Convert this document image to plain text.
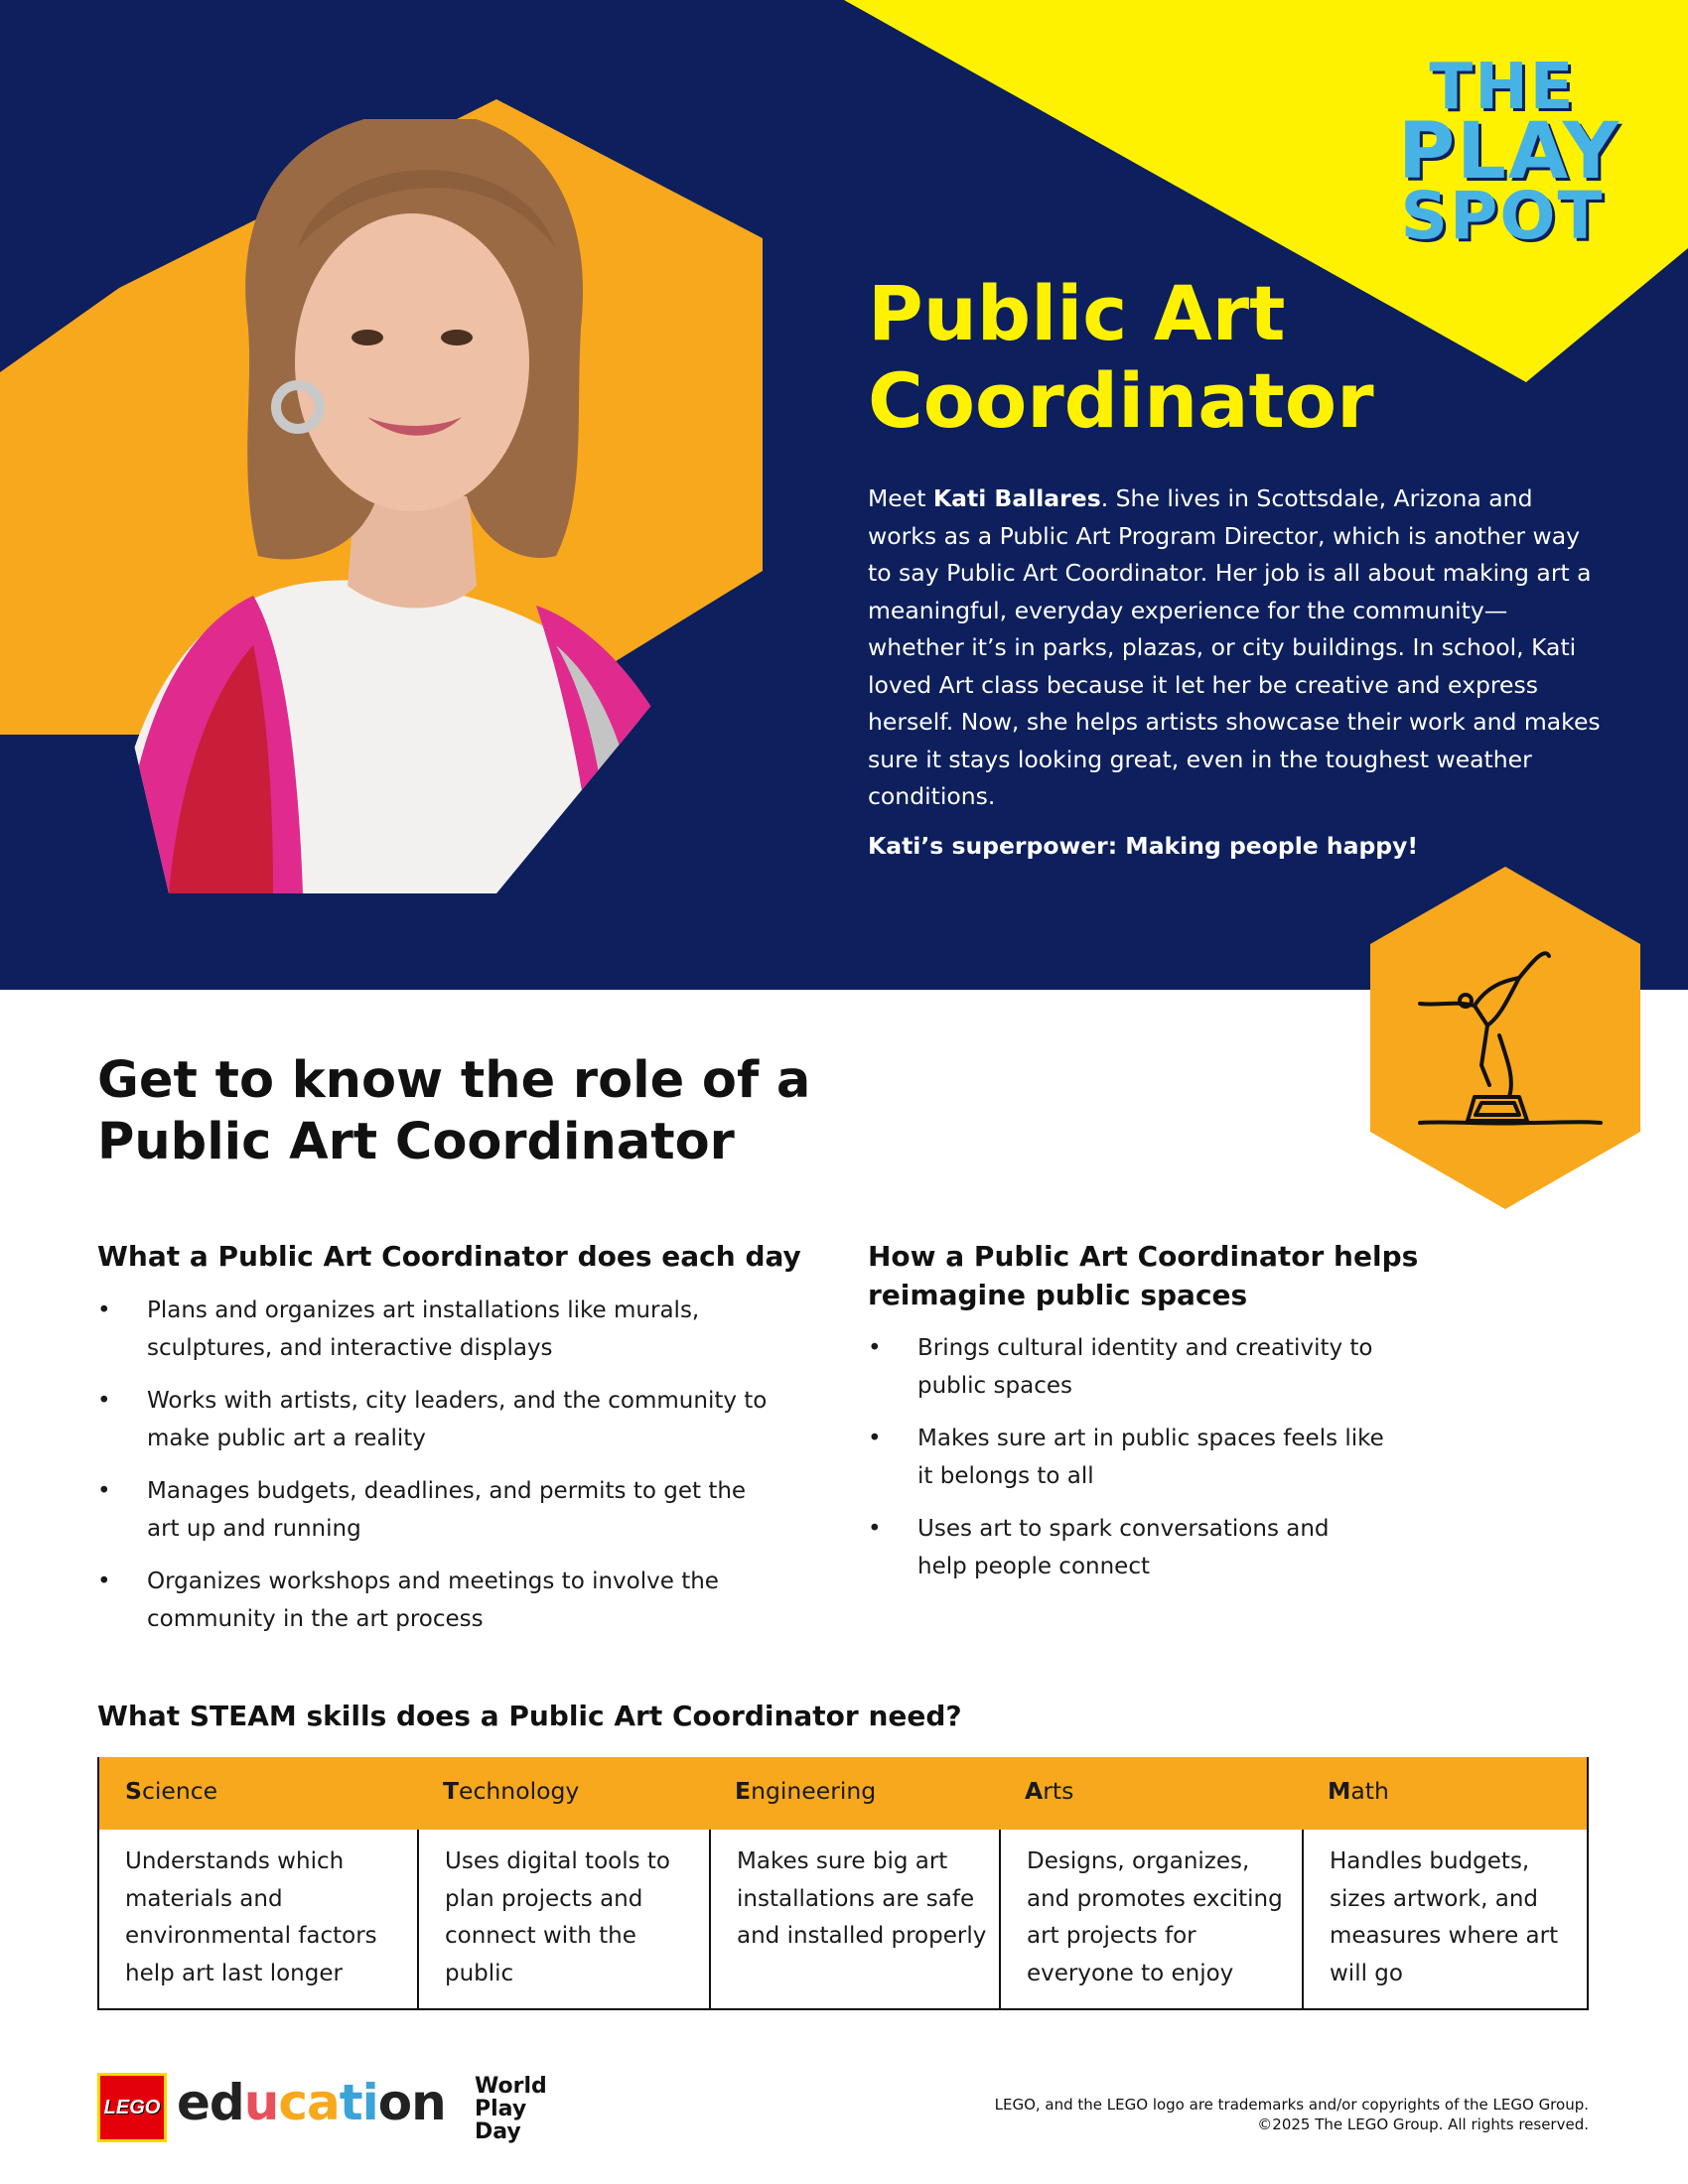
THE
PLAY
SPOT
Public Art
Coordinator

Meet Kati Ballares. She lives in Scottsdale, Arizona and works as a Public Art Program Director, which is another way to say Public Art Coordinator. Her job is all about making art a meaningful, everyday experience for the community—whether it’s in parks, plazas, or city buildings. In school, Kati loved Art class because it let her be creative and express herself. Now, she helps artists showcase their work and makes sure it stays looking great, even in the toughest weather conditions.

Kati’s superpower: Making people happy!

Get to know the role of a
Public Art Coordinator
What a Public Art Coordinator does each day
• Plans and organizes art installations like murals, sculptures, and interactive displays
• Works with artists, city leaders, and the community to make public art a reality
• Manages budgets, deadlines, and permits to get the art up and running
• Organizes workshops and meetings to involve the community in the art process
How a Public Art Coordinator helps reimagine public spaces
• Brings cultural identity and creativity to public spaces
• Makes sure art in public spaces feels like it belongs to all
• Uses art to spark conversations and help people connect
What STEAM skills does a Public Art Coordinator need?
Science
Understands which materials and environmental factors help art last longer
Technology
Uses digital tools to plan projects and connect with the public
Engineering
Makes sure big art installations are safe and installed properly
Arts
Designs, organizes, and promotes exciting art projects for everyone to enjoy
Math
Handles budgets, sizes artwork, and measures where art will go
LEGO education World
Play
Day
LEGO, and the LEGO logo are trademarks and/or copyrights of the LEGO Group.
©2025 The LEGO Group. All rights reserved.
